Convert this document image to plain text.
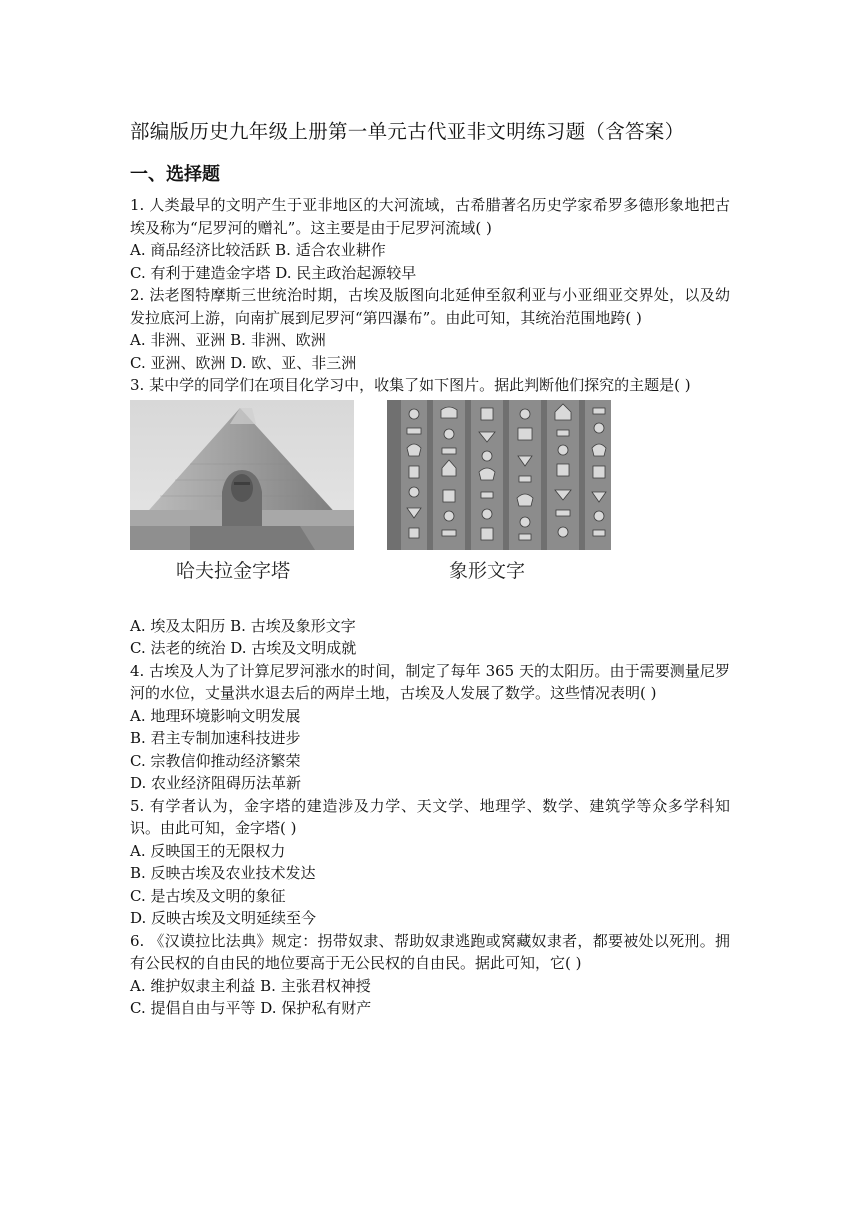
部编版历史九年级上册第一单元古代亚非文明练习题（含答案）
一、选择题

1. 人类最早的文明产生于亚非地区的大河流域，古希腊著名历史学家希罗多德形象地把古埃及称为“尼罗河的赠礼”。这主要是由于尼罗河流域( )

A. 商品经济比较活跃 B. 适合农业耕作

C. 有利于建造金字塔 D. 民主政治起源较早

2. 法老图特摩斯三世统治时期，古埃及版图向北延伸至叙利亚与小亚细亚交界处，以及幼发拉底河上游，向南扩展到尼罗河“第四瀑布”。由此可知，其统治范围地跨( )

A. 非洲、亚洲 B. 非洲、欧洲

C. 亚洲、欧洲 D. 欧、亚、非三洲

3. 某中学的同学们在项目化学习中，收集了如下图片。据此判断他们探究的主题是( )

哈夫拉金字塔	象形文字

A. 埃及太阳历 B. 古埃及象形文字

C. 法老的统治 D. 古埃及文明成就

4. 古埃及人为了计算尼罗河涨水的时间，制定了每年 365 天的太阳历。由于需要测量尼罗河的水位，丈量洪水退去后的两岸土地，古埃及人发展了数学。这些情况表明( )

A. 地理环境影响文明发展

B. 君主专制加速科技进步

C. 宗教信仰推动经济繁荣

D. 农业经济阻碍历法革新

5. 有学者认为，金字塔的建造涉及力学、天文学、地理学、数学、建筑学等众多学科知识。由此可知，金字塔( )

A. 反映国王的无限权力

B. 反映古埃及农业技术发达

C. 是古埃及文明的象征

D. 反映古埃及文明延续至今

6. 《汉谟拉比法典》规定：拐带奴隶、帮助奴隶逃跑或窝藏奴隶者，都要被处以死刑。拥有公民权的自由民的地位要高于无公民权的自由民。据此可知，它( )

A. 维护奴隶主利益 B. 主张君权神授

C. 提倡自由与平等 D. 保护私有财产
